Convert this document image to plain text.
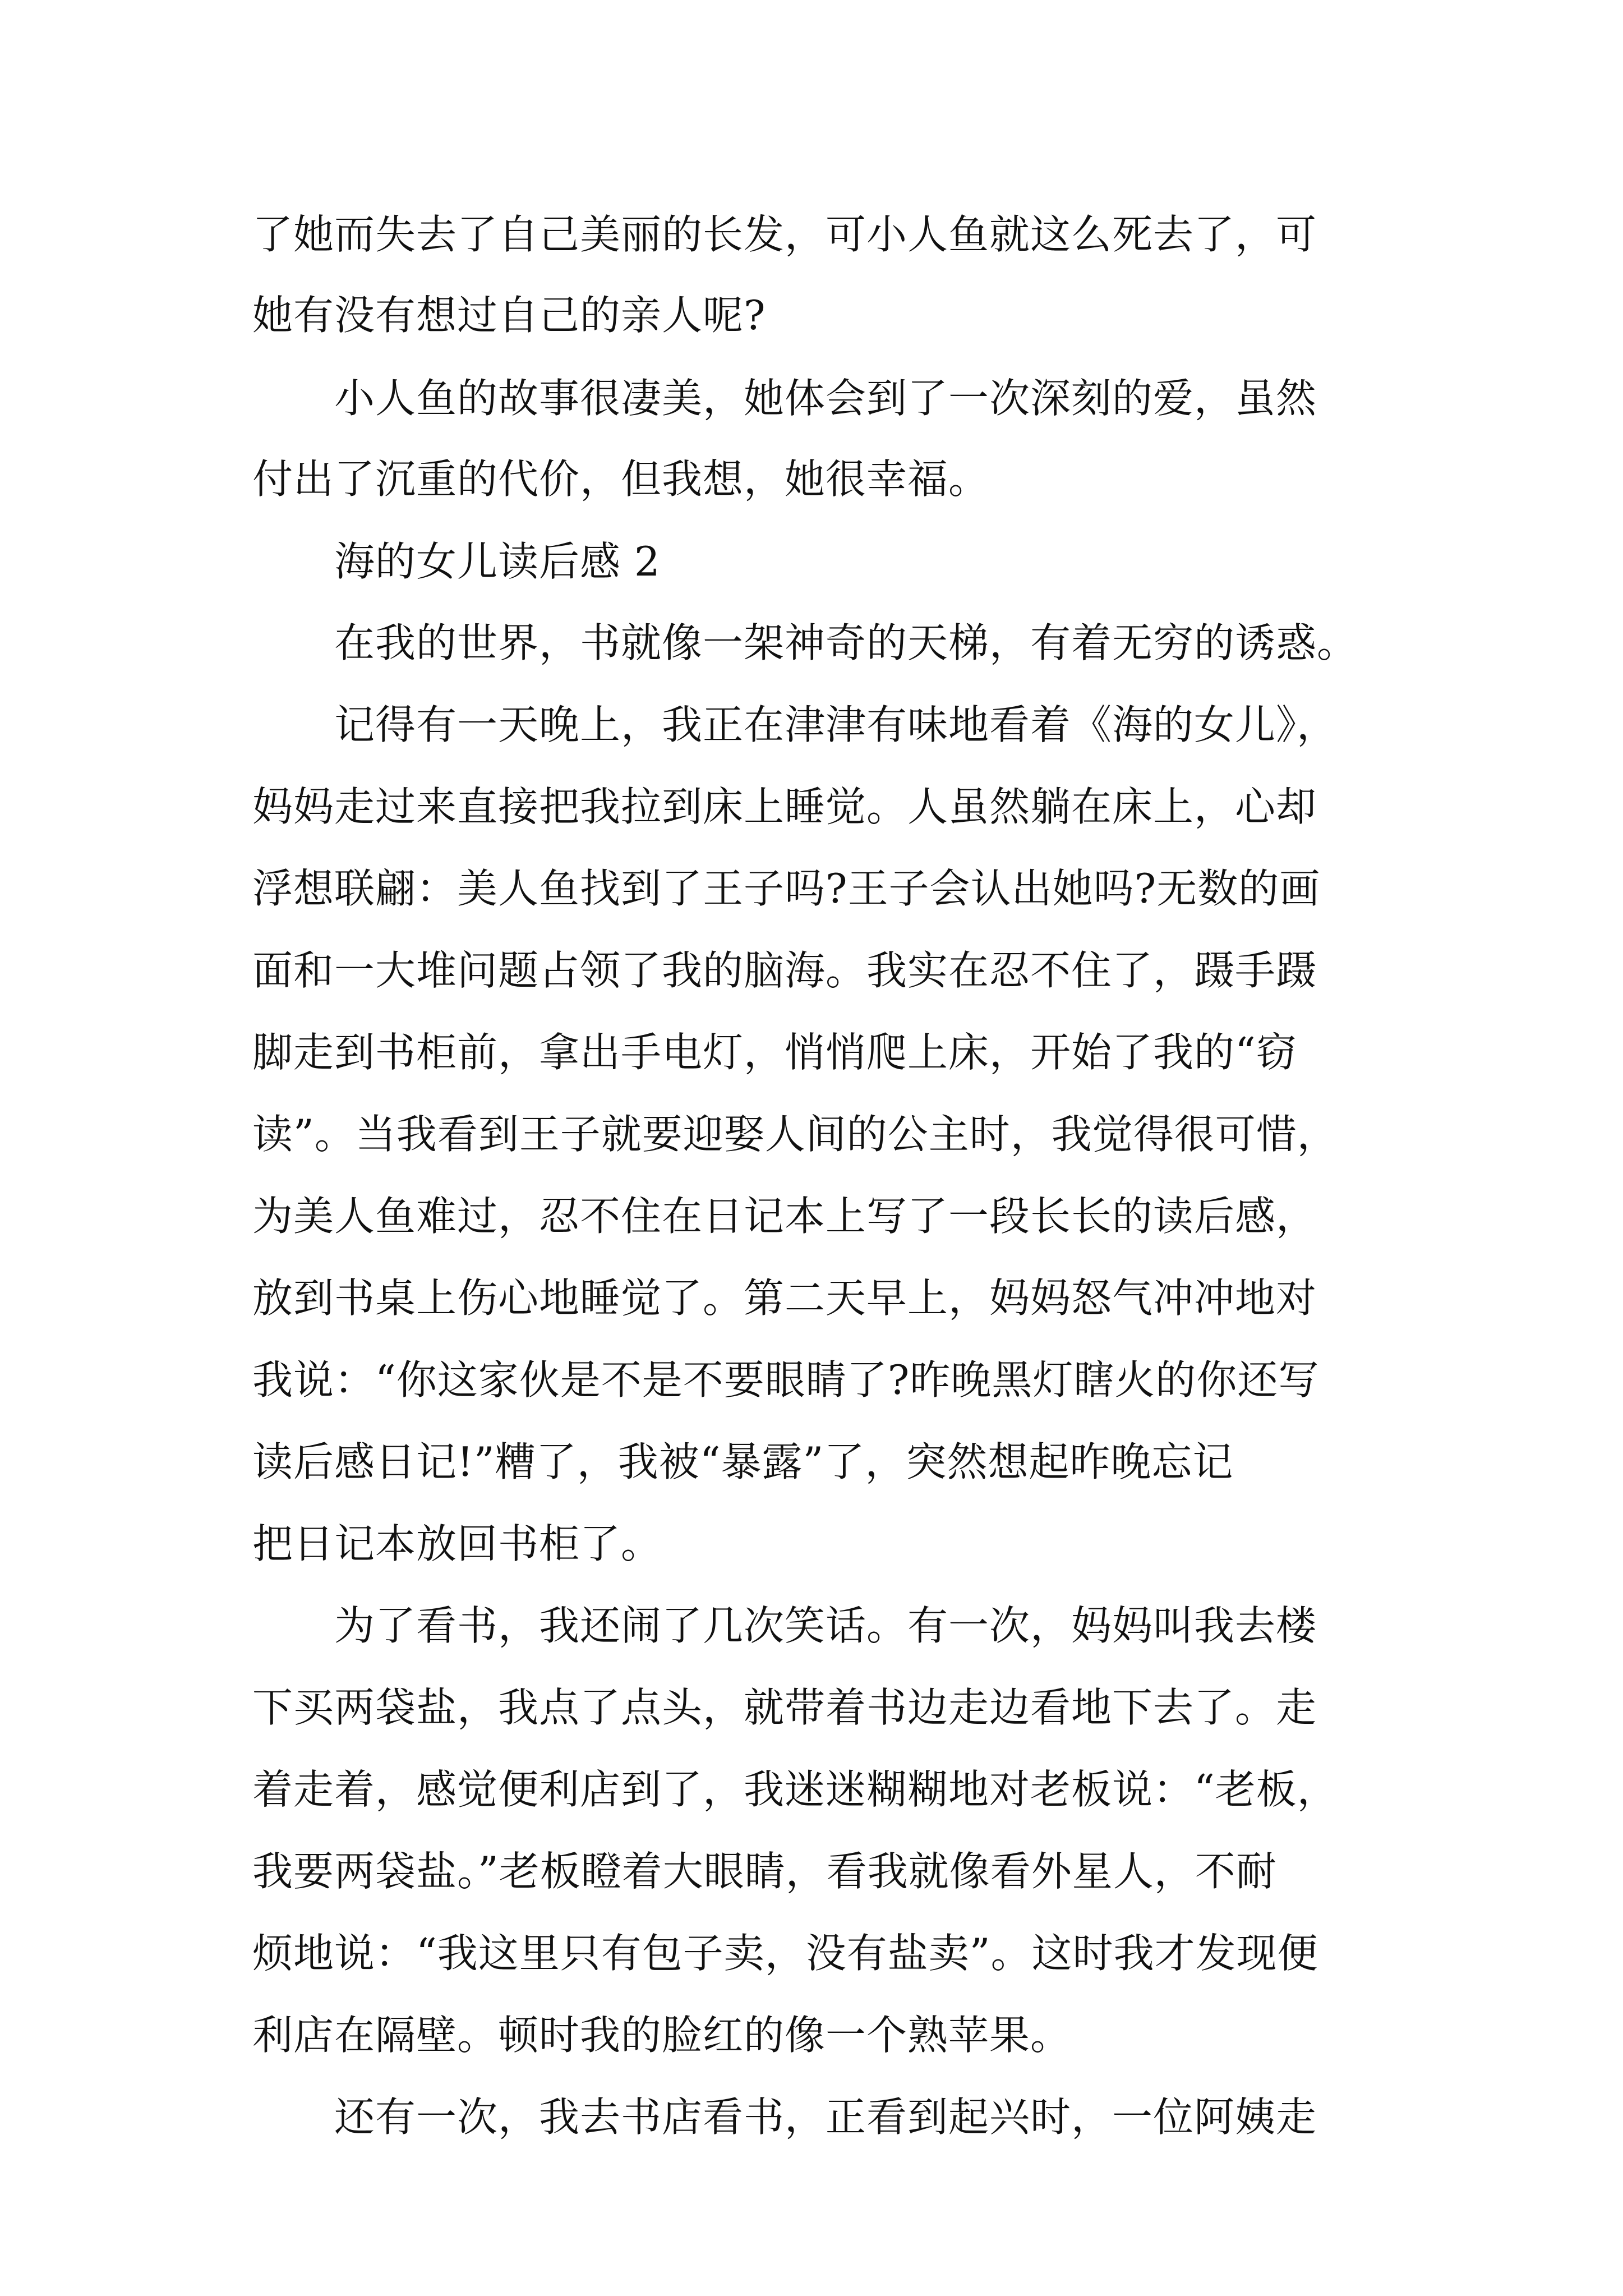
了她而失去了自己美丽的长发，可小人鱼就这么死去了，可

她有没有想过自己的亲人呢?

小人鱼的故事很凄美，她体会到了一次深刻的爱，虽然

付出了沉重的代价，但我想，她很幸福。

海的女儿读后感 2

在我的世界，书就像一架神奇的天梯，有着无穷的诱惑。

记得有一天晚上，我正在津津有味地看着《海的女儿》，

妈妈走过来直接把我拉到床上睡觉。人虽然躺在床上，心却

浮想联翩：美人鱼找到了王子吗?王子会认出她吗?无数的画

面和一大堆问题占领了我的脑海。我实在忍不住了，蹑手蹑

脚走到书柜前，拿出手电灯，悄悄爬上床，开始了我的“窃

读”。当我看到王子就要迎娶人间的公主时，我觉得很可惜，

为美人鱼难过，忍不住在日记本上写了一段长长的读后感，

放到书桌上伤心地睡觉了。第二天早上，妈妈怒气冲冲地对

我说：“你这家伙是不是不要眼睛了?昨晚黑灯瞎火的你还写

读后感日记!”糟了，我被“暴露”了，突然想起昨晚忘记

把日记本放回书柜了。

为了看书，我还闹了几次笑话。有一次，妈妈叫我去楼

下买两袋盐，我点了点头，就带着书边走边看地下去了。走

着走着，感觉便利店到了，我迷迷糊糊地对老板说：“老板，

我要两袋盐。”老板瞪着大眼睛，看我就像看外星人，不耐

烦地说：“我这里只有包子卖，没有盐卖”。这时我才发现便

利店在隔壁。顿时我的脸红的像一个熟苹果。

还有一次，我去书店看书，正看到起兴时，一位阿姨走
